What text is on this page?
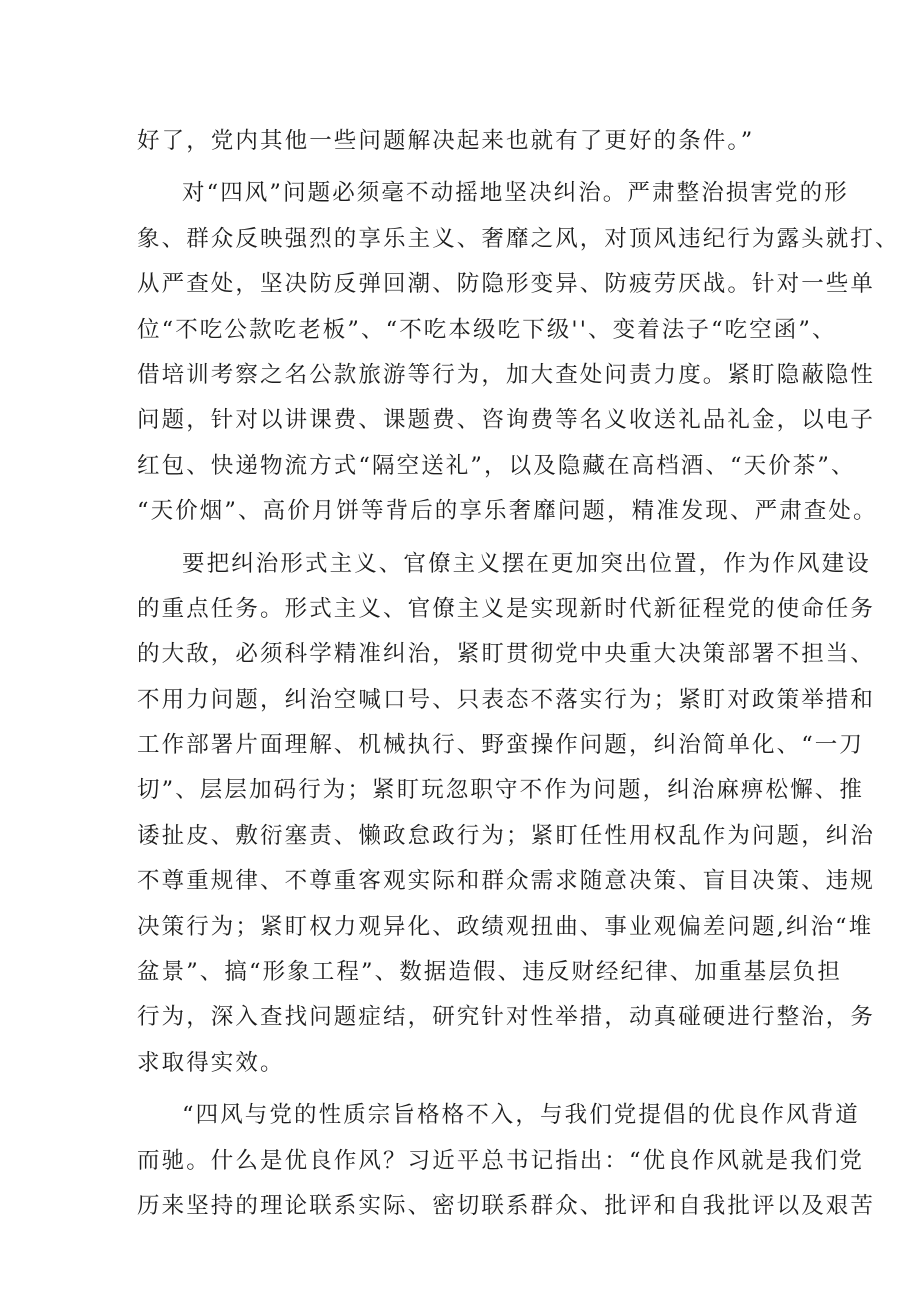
好了，党内其他一些问题解决起来也就有了更好的条件。”
对“四风”问题必须毫不动摇地坚决纠治。严肃整治损害党的形
象、群众反映强烈的享乐主义、奢靡之风，对顶风违纪行为露头就打、
从严查处，坚决防反弹回潮、防隐形变异、防疲劳厌战。针对一些单
位“不吃公款吃老板”、“不吃本级吃下级''、变着法子“吃空函”、
借培训考察之名公款旅游等行为，加大查处问责力度。紧盯隐蔽隐性
问题，针对以讲课费、课题费、咨询费等名义收送礼品礼金，以电子
红包、快递物流方式“隔空送礼”，以及隐藏在高档酒、“天价茶”、
“天价烟”、高价月饼等背后的享乐奢靡问题，精准发现、严肃查处。
要把纠治形式主义、官僚主义摆在更加突出位置，作为作风建设
的重点任务。形式主义、官僚主义是实现新时代新征程党的使命任务
的大敌，必须科学精准纠治，紧盯贯彻党中央重大决策部署不担当、
不用力问题，纠治空喊口号、只表态不落实行为；紧盯对政策举措和
工作部署片面理解、机械执行、野蛮操作问题，纠治简单化、“一刀
切”、层层加码行为；紧盯玩忽职守不作为问题，纠治麻痹松懈、推
诿扯皮、敷衍塞责、懒政怠政行为；紧盯任性用权乱作为问题，纠治
不尊重规律、不尊重客观实际和群众需求随意决策、盲目决策、违规
决策行为；紧盯权力观异化、政绩观扭曲、事业观偏差问题,纠治“堆
盆景”、搞“形象工程”、数据造假、违反财经纪律、加重基层负担
行为，深入查找问题症结，研究针对性举措，动真碰硬进行整治，务
求取得实效。
“四风与党的性质宗旨格格不入，与我们党提倡的优良作风背道
而驰。什么是优良作风？习近平总书记指出：“优良作风就是我们党
历来坚持的理论联系实际、密切联系群众、批评和自我批评以及艰苦
